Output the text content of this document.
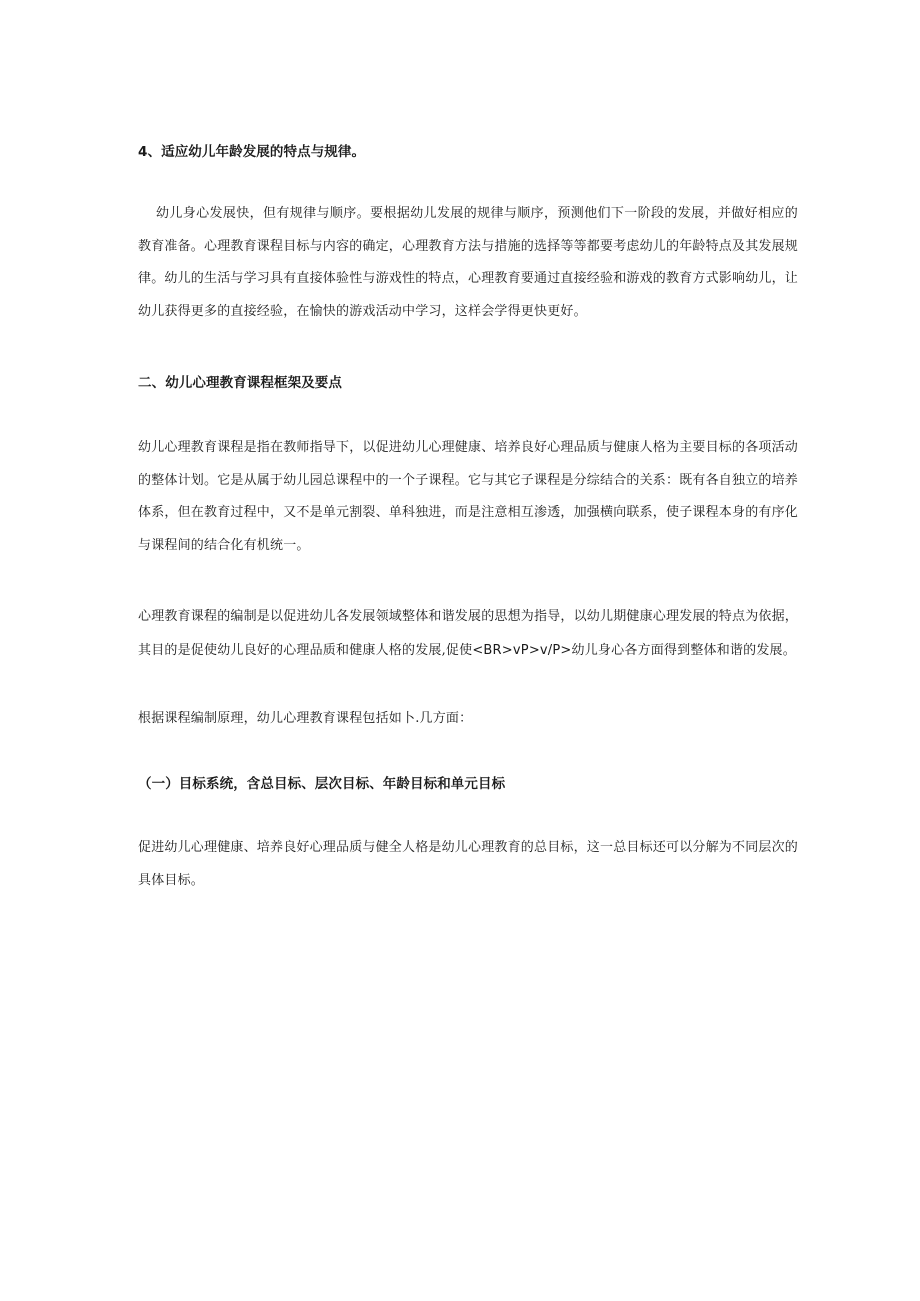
4、适应幼儿年龄发展的特点与规律。
幼儿身心发展快，但有规律与顺序。要根据幼儿发展的规律与顺序，预测他们下一阶段的发展，并做好相应的教育准备。心理教育课程目标与内容的确定，心理教育方法与措施的选择等等都要考虑幼儿的年龄特点及其发展规律。幼儿的生活与学习具有直接体验性与游戏性的特点，心理教育要通过直接经验和游戏的教育方式影响幼儿，让幼儿获得更多的直接经验，在愉快的游戏活动中学习，这样会学得更快更好。
二、幼儿心理教育课程框架及要点
幼儿心理教育课程是指在教师指导下，以促进幼儿心理健康、培养良好心理品质与健康人格为主要目标的各项活动的整体计划。它是从属于幼儿园总课程中的一个子课程。它与其它子课程是分综结合的关系：既有各自独立的培养体系，但在教育过程中，又不是单元割裂、单科独进，而是注意相互渗透，加强横向联系，使子课程本身的有序化与课程间的结合化有机统一。
心理教育课程的编制是以促进幼儿各发展领域整体和谐发展的思想为指导，以幼儿期健康心理发展的特点为依据，
其目的是促使幼儿良好的心理品质和健康人格的发展,促使<BR>vP>v/P>幼儿身心各方面得到整体和谐的发展。
根据课程编制原理，幼儿心理教育课程包括如卜.几方面：
（一）目标系统，含总目标、层次目标、年龄目标和单元目标
促进幼儿心理健康、培养良好心理品质与健全人格是幼儿心理教育的总目标，这一总目标还可以分解为不同层次的具体目标。
